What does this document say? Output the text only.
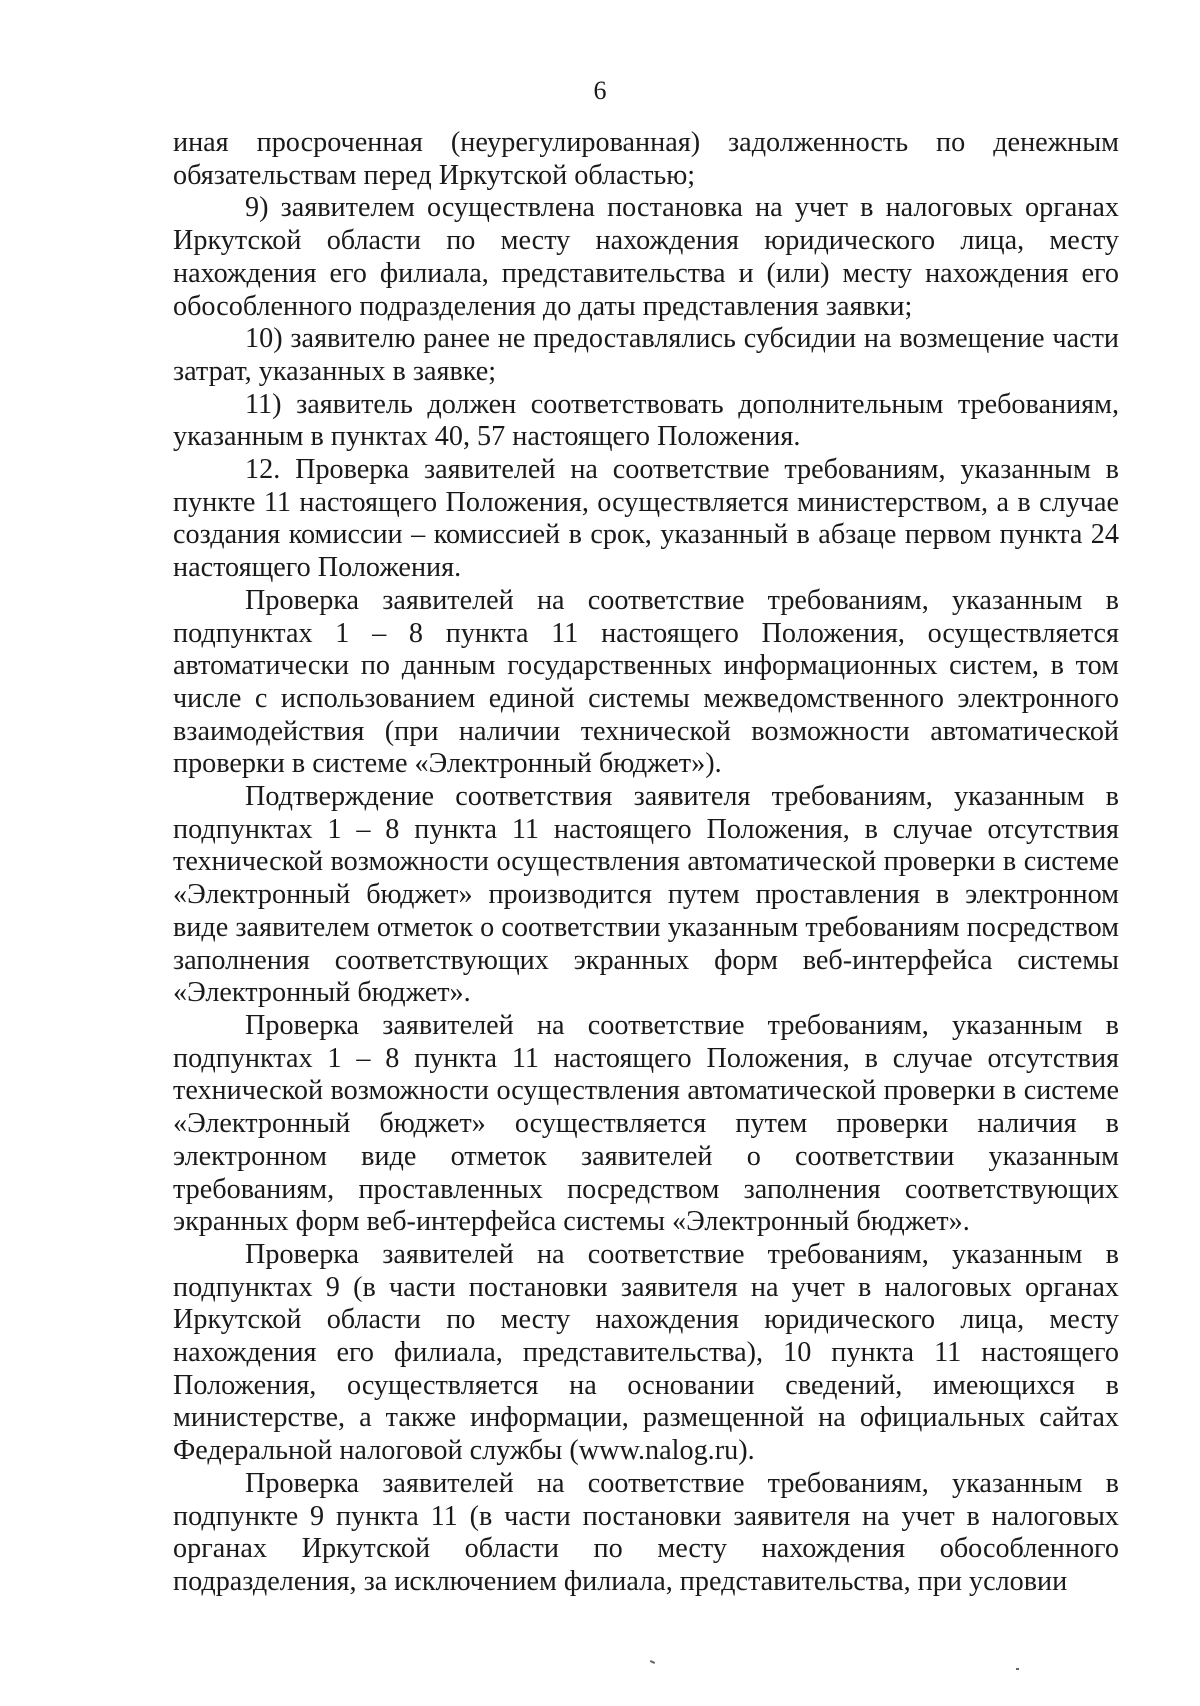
6

иная просроченная (неурегулированная) задолженность по денежным обязательствам перед Иркутской областью;

9) заявителем осуществлена постановка на учет в налоговых органах Иркутской области по месту нахождения юридического лица, месту нахождения его филиала, представительства и (или) месту нахождения его обособленного подразделения до даты представления заявки;

10) заявителю ранее не предоставлялись субсидии на возмещение части затрат, указанных в заявке;

11) заявитель должен соответствовать дополнительным требованиям, указанным в пунктах 40, 57 настоящего Положения.

12. Проверка заявителей на соответствие требованиям, указанным в пункте 11 настоящего Положения, осуществляется министерством, а в случае создания комиссии – комиссией в срок, указанный в абзаце первом пункта 24 настоящего Положения.

Проверка заявителей на соответствие требованиям, указанным в подпунктах 1 – 8 пункта 11 настоящего Положения, осуществляется автоматически по данным государственных информационных систем, в том числе с использованием единой системы межведомственного электронного взаимодействия (при наличии технической возможности автоматической проверки в системе «Электронный бюджет»).

Подтверждение соответствия заявителя требованиям, указанным в подпунктах 1 – 8 пункта 11 настоящего Положения, в случае отсутствия технической возможности осуществления автоматической проверки в системе «Электронный бюджет» производится путем проставления в электронном виде заявителем отметок о соответствии указанным требованиям посредством заполнения соответствующих экранных форм веб-интерфейса системы «Электронный бюджет».

Проверка заявителей на соответствие требованиям, указанным в подпунктах 1 – 8 пункта 11 настоящего Положения, в случае отсутствия технической возможности осуществления автоматической проверки в системе «Электронный бюджет» осуществляется путем проверки наличия в электронном виде отметок заявителей о соответствии указанным требованиям, проставленных посредством заполнения соответствующих экранных форм веб-интерфейса системы «Электронный бюджет».

Проверка заявителей на соответствие требованиям, указанным в подпунктах 9 (в части постановки заявителя на учет в налоговых органах Иркутской области по месту нахождения юридического лица, месту нахождения его филиала, представительства), 10 пункта 11 настоящего Положения, осуществляется на основании сведений, имеющихся в министерстве, а также информации, размещенной на официальных сайтах Федеральной налоговой службы (www.nalog.ru).

Проверка заявителей на соответствие требованиям, указанным в подпункте 9 пункта 11 (в части постановки заявителя на учет в налоговых органах Иркутской области по месту нахождения обособленного подразделения, за исключением филиала, представительства, при условии
